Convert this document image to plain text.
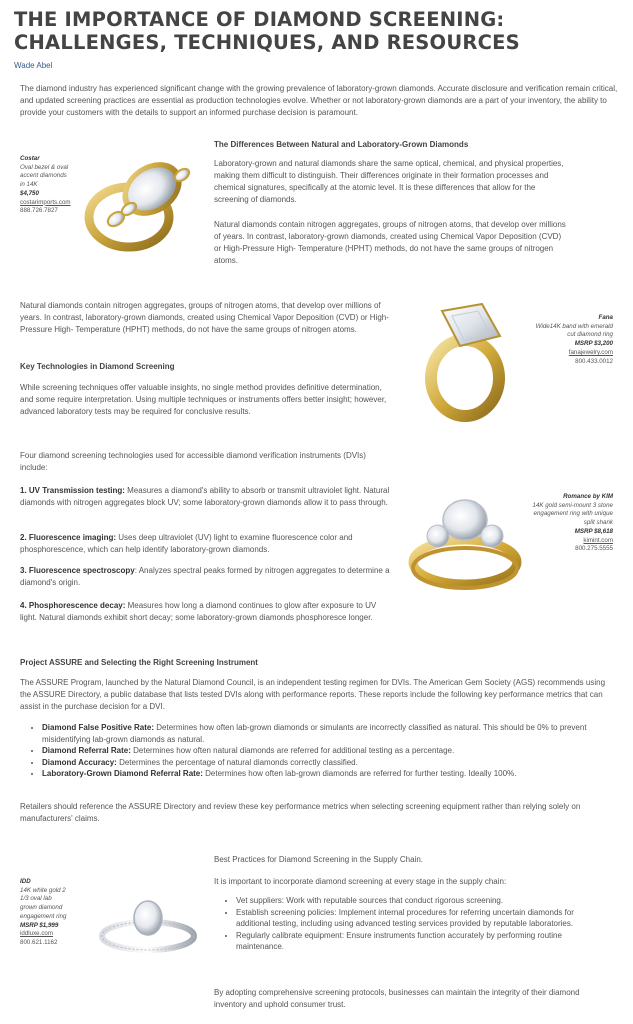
THE IMPORTANCE OF DIAMOND SCREENING: CHALLENGES, TECHNIQUES, AND RESOURCES
Wade Abel

The diamond industry has experienced significant change with the growing prevalence of laboratory-grown diamonds. Accurate disclosure and verification remain critical, and updated screening practices are essential as production technologies evolve. Whether or not laboratory-grown diamonds are a part of your inventory, the ability to provide your customers with the details to support an informed purchase decision is paramount.

The Differences Between Natural and Laboratory-Grown Diamonds

Laboratory-grown and natural diamonds share the same optical, chemical, and physical properties, making them difficult to distinguish. Their differences originate in their formation processes and chemical signatures, specifically at the atomic level. It is these differences that allow for the screening of diamonds.

Natural diamonds contain nitrogen aggregates, groups of nitrogen atoms, that develop over millions of years. In contrast, laboratory-grown diamonds, created using Chemical Vapor Deposition (CVD) or High-Pressure High- Temperature (HPHT) methods, do not have the same groups of nitrogen atoms.

Costar
Oval bezel & oval
accent diamonds
in 14K
$4,750
costarimports.com
888.726.7827

Natural diamonds contain nitrogen aggregates, groups of nitrogen atoms, that develop over millions of years. In contrast, laboratory-grown diamonds, created using Chemical Vapor Deposition (CVD) or High-Pressure High- Temperature (HPHT) methods, do not have the same groups of nitrogen atoms.

Key Technologies in Diamond Screening

While screening techniques offer valuable insights, no single method provides definitive determination, and some require interpretation. Using multiple techniques or instruments offers better insight; however, advanced laboratory tests may be required for conclusive results.

Fana
Wide14K band with emerald
cut diamond ring
MSRP $3,200
fanajewelry.com
800.433.0012

Four diamond screening technologies used for accessible diamond verification instruments (DVIs) include:

1. UV Transmission testing: Measures a diamond's ability to absorb or transmit ultraviolet light. Natural diamonds with nitrogen aggregates block UV; some laboratory-grown diamonds allow it to pass through.

2. Fluorescence imaging: Uses deep ultraviolet (UV) light to examine fluorescence color and phosphorescence, which can help identify laboratory-grown diamonds.

3. Fluorescence spectroscopy: Analyzes spectral peaks formed by nitrogen aggregates to determine a diamond's origin.

4. Phosphorescence decay: Measures how long a diamond continues to glow after exposure to UV light. Natural diamonds exhibit short decay; some laboratory-grown diamonds phosphoresce longer.

Romance by KIM
14K gold semi-mount 3 stone
engagement ring with unique
split shank
MSRP $8,618
kimint.com
800.275.5555
Project ASSURE and Selecting the Right Screening Instrument

The ASSURE Program, launched by the Natural Diamond Council, is an independent testing regimen for DVIs. The American Gem Society (AGS) recommends using the ASSURE Directory, a public database that lists tested DVIs along with performance reports. These reports include the following key performance metrics that can assist in the purchase decision for a DVI.

• Diamond False Positive Rate: Determines how often lab-grown diamonds or simulants are incorrectly classified as natural. This should be 0% to prevent misidentifying lab-grown diamonds as natural.
• Diamond Referral Rate: Determines how often natural diamonds are referred for additional testing as a percentage.
• Diamond Accuracy: Determines the percentage of natural diamonds correctly classified.
• Laboratory-Grown Diamond Referral Rate: Determines how often lab-grown diamonds are referred for further testing. Ideally 100%.

Retailers should reference the ASSURE Directory and review these key performance metrics when selecting screening equipment rather than relying solely on manufacturers' claims.

Best Practices for Diamond Screening in the Supply Chain.

It is important to incorporate diamond screening at every stage in the supply chain:

• Vet suppliers: Work with reputable sources that conduct rigorous screening.
• Establish screening policies: Implement internal procedures for referring uncertain diamonds for additional testing, including using advanced testing services provided by reputable laboratories.
• Regularly calibrate equipment: Ensure instruments function accurately by performing routine maintenance.

By adopting comprehensive screening protocols, businesses can maintain the integrity of their diamond inventory and uphold consumer trust.

IDD
14K white gold 2
1/3 oval lab
grown diamond
engagement ring
MSRP $1,999
iddluxe.com
800.621.1162
